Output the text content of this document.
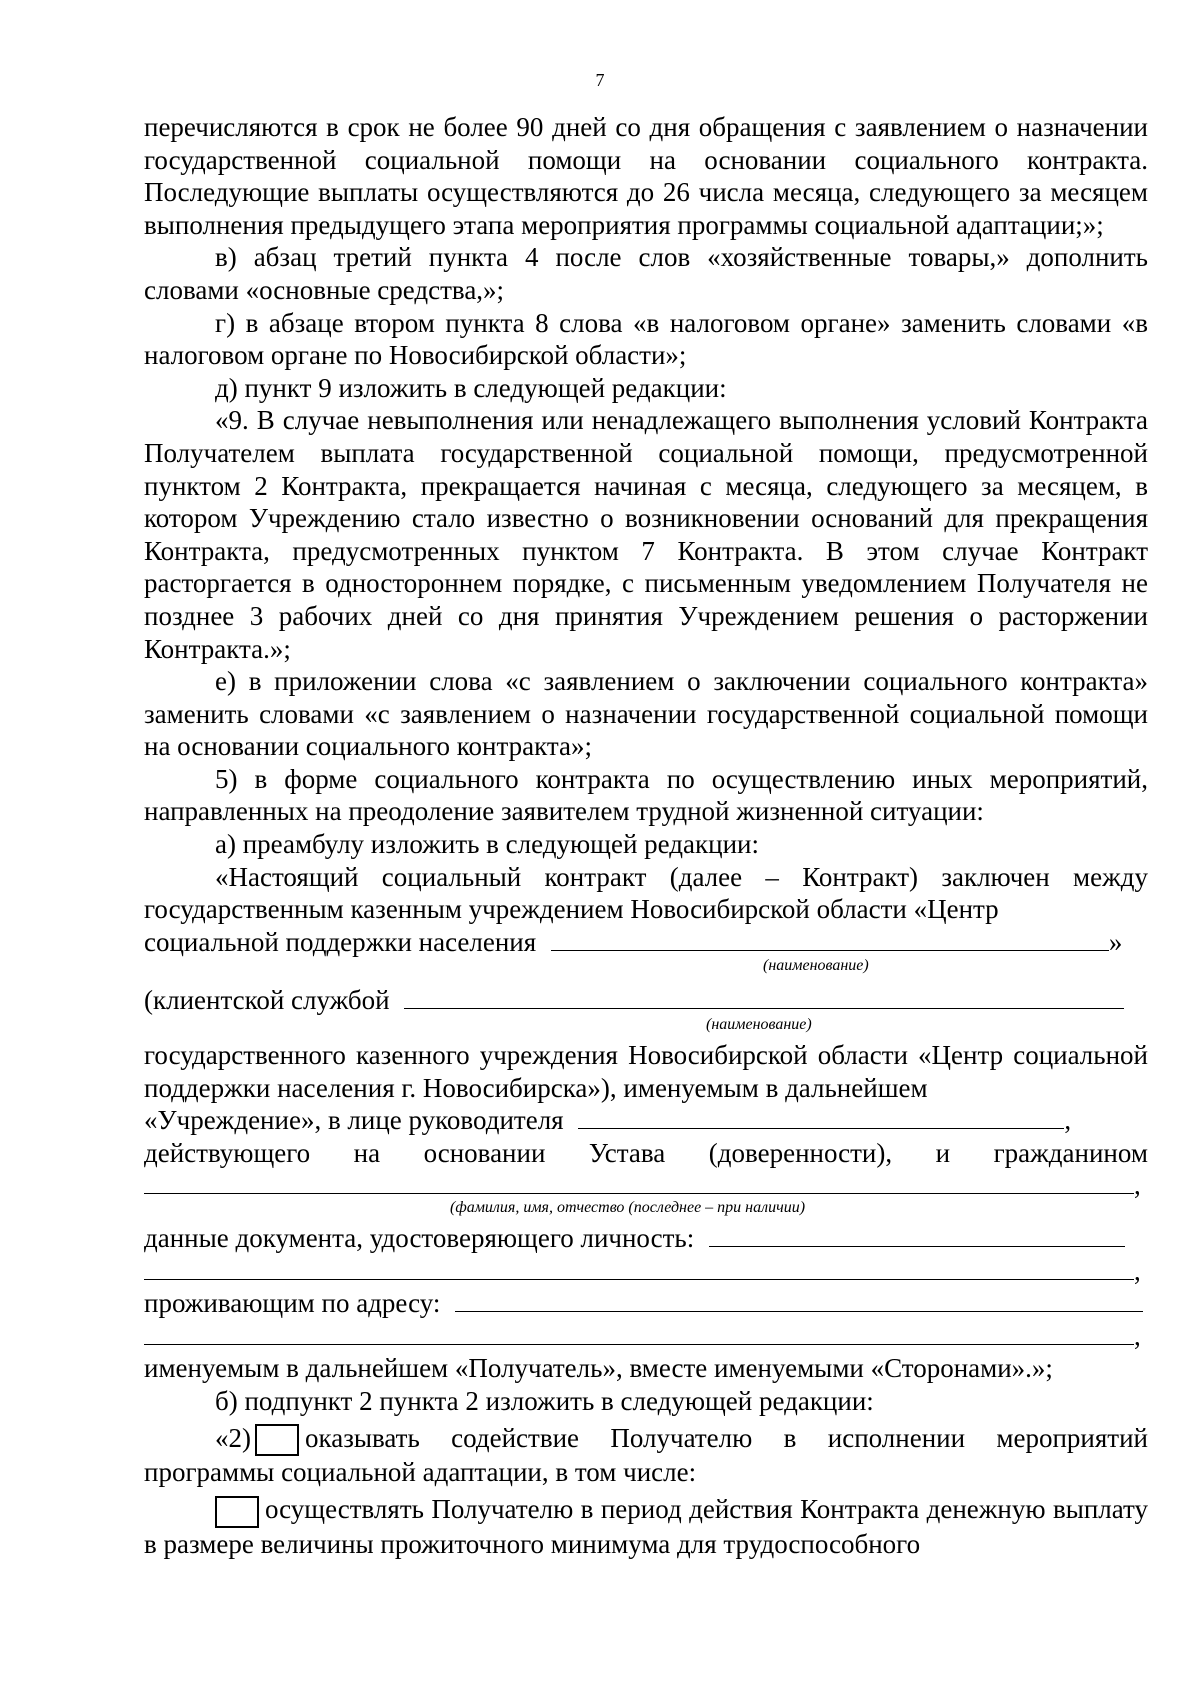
7

перечисляются в срок не более 90 дней со дня обращения с заявлением о назначении государственной социальной помощи на основании социального контракта. Последующие выплаты осуществляются до 26 числа месяца, следующего за месяцем выполнения предыдущего этапа мероприятия программы социальной адаптации;»;

в) абзац третий пункта 4 после слов «хозяйственные товары,» дополнить словами «основные средства,»;

г) в абзаце втором пункта 8 слова «в налоговом органе» заменить словами «в налоговом органе по Новосибирской области»;

д) пункт 9 изложить в следующей редакции:

«9. В случае невыполнения или ненадлежащего выполнения условий Контракта Получателем выплата государственной социальной помощи, предусмотренной пунктом 2 Контракта, прекращается начиная с месяца, следующего за месяцем, в котором Учреждению стало известно о возникновении оснований для прекращения Контракта, предусмотренных пунктом 7 Контракта. В этом случае Контракт расторгается в одностороннем порядке, с письменным уведомлением Получателя не позднее 3 рабочих дней со дня принятия Учреждением решения о расторжении Контракта.»;

е) в приложении слова «с заявлением о заключении социального контракта» заменить словами «с заявлением о назначении государственной социальной помощи на основании социального контракта»;

5) в форме социального контракта по осуществлению иных мероприятий, направленных на преодоление заявителем трудной жизненной ситуации:

а) преамбулу изложить в следующей редакции:

«Настоящий социальный контракт (далее – Контракт) заключен между государственным казенным учреждением Новосибирской области «Центр

социальной поддержки населения	»
(наименование)
(клиентской службой
(наименование)

государственного казенного учреждения Новосибирской области «Центр социальной поддержки населения г. Новосибирска»), именуемым в дальнейшем

«Учреждение», в лице руководителя	,
действующего на основании Устава (доверенности), и гражданином
,
(фамилия, имя, отчество (последнее – при наличии)
данные документа, удостоверяющего личность:
,
проживающим по адресу:
,

именуемым в дальнейшем «Получатель», вместе именуемыми «Сторонами».»;

б) подпункт 2 пункта 2 изложить в следующей редакции:

«2) оказывать содействие Получателю в исполнении мероприятий программы социальной адаптации, в том числе:

осуществлять Получателю в период действия Контракта денежную выплату в размере величины прожиточного минимума для трудоспособного
